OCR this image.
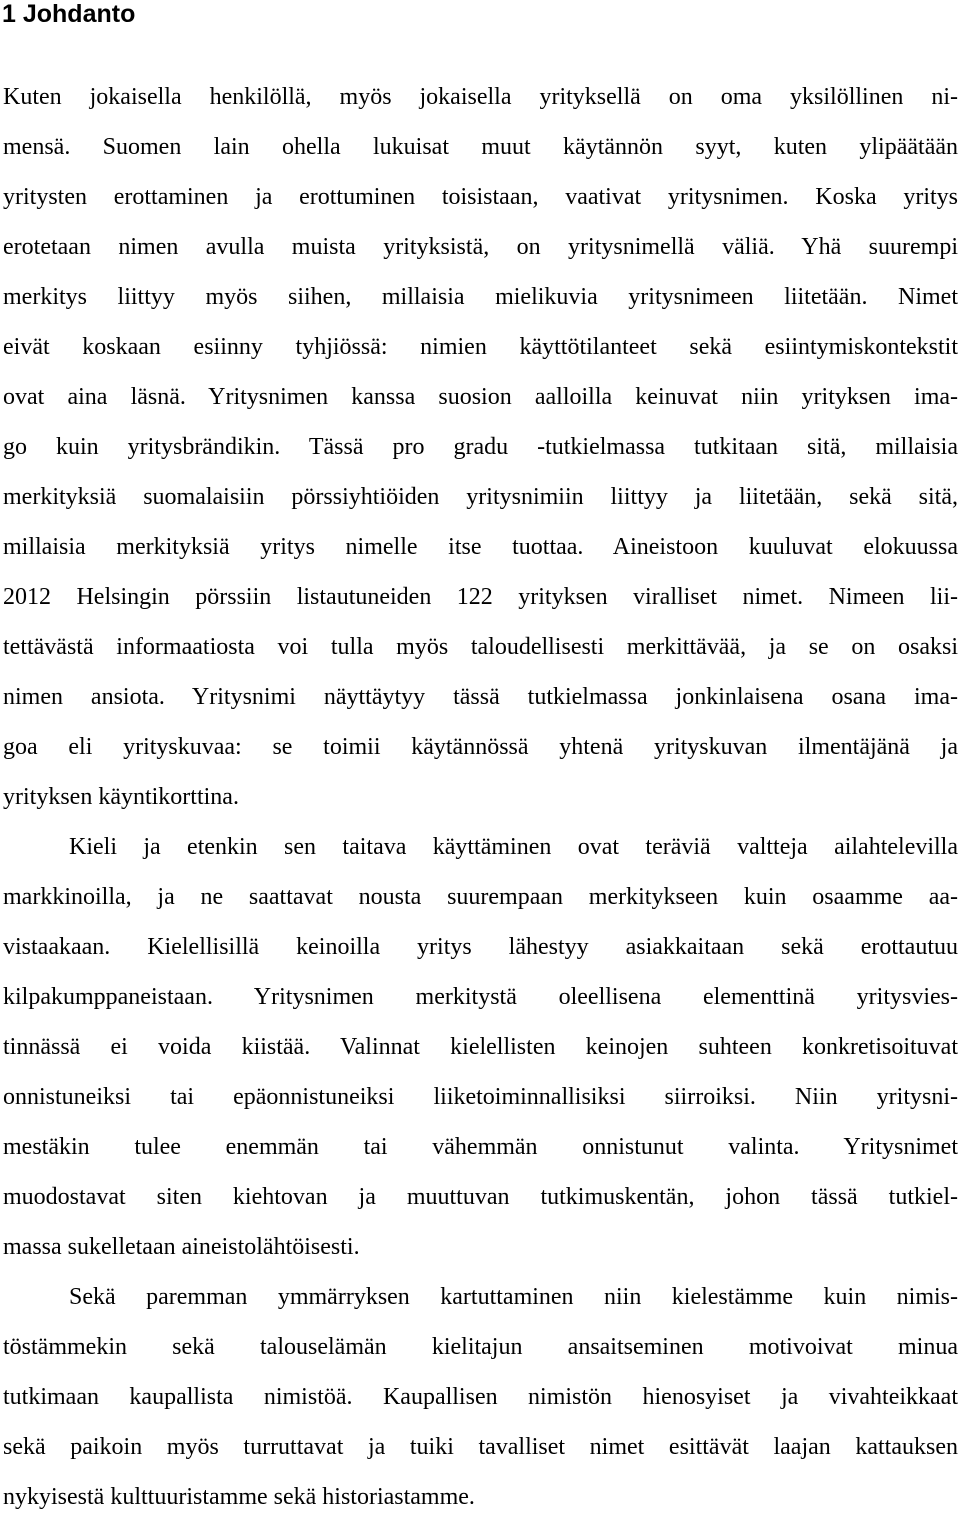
1 Johdanto
Kuten jokaisella henkilöllä, myös jokaisella yrityksellä on oma yksilöllinen ni-
mensä. Suomen lain ohella lukuisat muut käytännön syyt, kuten ylipäätään
yritysten erottaminen ja erottuminen toisistaan, vaativat yritysnimen. Koska yritys
erotetaan nimen avulla muista yrityksistä, on yritysnimellä väliä. Yhä suurempi
merkitys liittyy myös siihen, millaisia mielikuvia yritysnimeen liitetään. Nimet
eivät koskaan esiinny tyhjiössä: nimien käyttötilanteet sekä esiintymiskontekstit
ovat aina läsnä. Yritysnimen kanssa suosion aalloilla keinuvat niin yrityksen ima-
go kuin yritysbrändikin. Tässä pro gradu -tutkielmassa tutkitaan sitä, millaisia
merkityksiä suomalaisiin pörssiyhtiöiden yritysnimiin liittyy ja liitetään, sekä sitä,
millaisia merkityksiä yritys nimelle itse tuottaa. Aineistoon kuuluvat elokuussa
2012 Helsingin pörssiin listautuneiden 122 yrityksen viralliset nimet. Nimeen lii-
tettävästä informaatiosta voi tulla myös taloudellisesti merkittävää, ja se on osaksi
nimen ansiota. Yritysnimi näyttäytyy tässä tutkielmassa jonkinlaisena osana ima-
goa eli yrityskuvaa: se toimii käytännössä yhtenä yrityskuvan ilmentäjänä ja
yrityksen käyntikorttina.
Kieli ja etenkin sen taitava käyttäminen ovat teräviä valtteja ailahtelevilla
markkinoilla, ja ne saattavat nousta suurempaan merkitykseen kuin osaamme aa-
vistaakaan. Kielellisillä keinoilla yritys lähestyy asiakkaitaan sekä erottautuu
kilpakumppaneistaan. Yritysnimen merkitystä oleellisena elementtinä yritysvies-
tinnässä ei voida kiistää. Valinnat kielellisten keinojen suhteen konkretisoituvat
onnistuneiksi tai epäonnistuneiksi liiketoiminnallisiksi siirroiksi. Niin yritysni-
mestäkin tulee enemmän tai vähemmän onnistunut valinta. Yritysnimet
muodostavat siten kiehtovan ja muuttuvan tutkimuskentän, johon tässä tutkiel-
massa sukelletaan aineistolähtöisesti.
Sekä paremman ymmärryksen kartuttaminen niin kielestämme kuin nimis-
töstämmekin sekä talouselämän kielitajun ansaitseminen motivoivat minua
tutkimaan kaupallista nimistöä. Kaupallisen nimistön hienosyiset ja vivahteikkaat
sekä paikoin myös turruttavat ja tuiki tavalliset nimet esittävät laajan kattauksen
nykyisestä kulttuuristamme sekä historiastamme.
